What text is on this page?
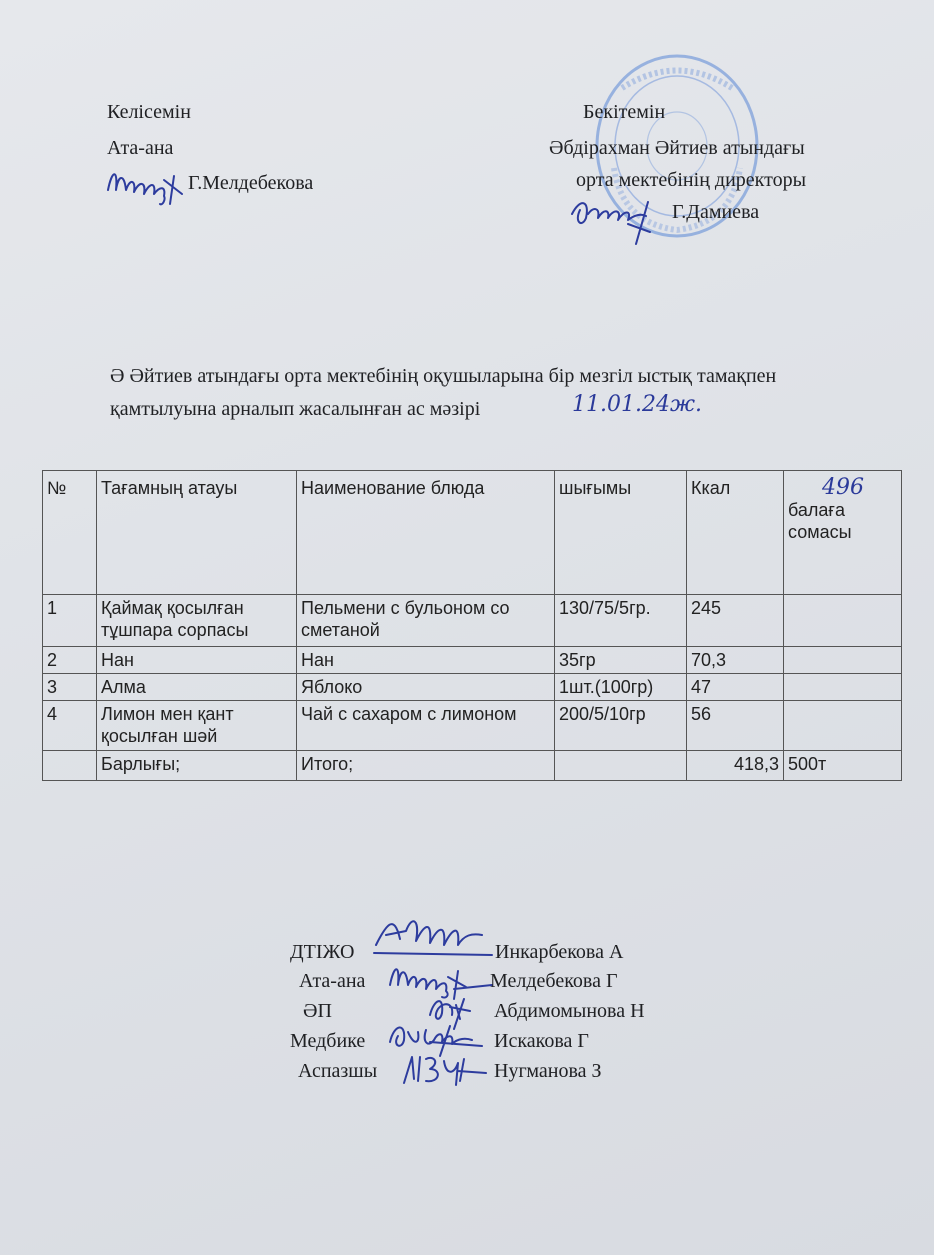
Келісемін
Ата-ана
Г.Мелдебекова
Бекітемін
Әбдірахман Әйтиев атындағы
орта мектебінің директоры
Г.Дамиева
Ә Әйтиев атындағы орта мектебінің оқушыларына бір мезгіл ыстық тамақпен
қамтылуына арналып жасалынған ас мәзірі	11.01.24ж.
№	Тағамның атауы	Наименование блюда	шығымы	Ккал	496
балаға сомасы
1	Қаймақ қосылған тұшпара сорпасы	Пельмени с бульоном со сметаной	130/75/5гр.	245	
2	Нан	Нан	35гр	70,3	
3	Алма	Яблоко	1шт.(100гр)	47	
4	Лимон мен қант қосылған шәй	Чай с сахаром с лимоном	200/5/10гр	56	
	Барлығы;	Итого;		418,3	500т
ДТІЖО	Инкарбекова А
Ата-ана	Мелдебекова Г
ӘП	Абдимомынова Н
Медбике	Искакова Г
Аспазшы	Нугманова З
